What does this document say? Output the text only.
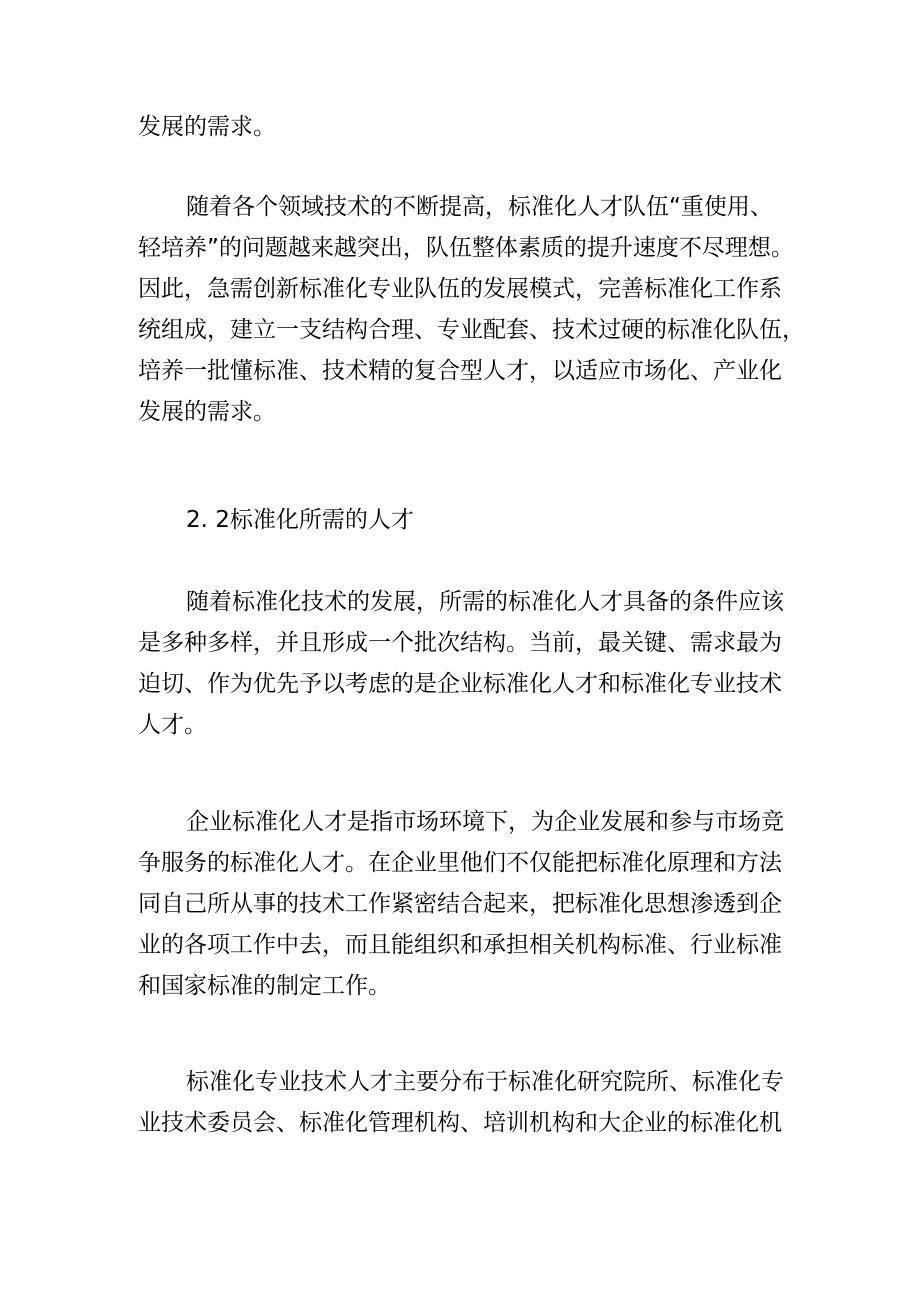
发展的需求。
随着各个领域技术的不断提高，标准化人才队伍“重使用、
轻培养”的问题越来越突出，队伍整体素质的提升速度不尽理想。
因此，急需创新标准化专业队伍的发展模式，完善标准化工作系
统组成，建立一支结构合理、专业配套、技术过硬的标准化队伍，
培养一批懂标准、技术精的复合型人才，以适应市场化、产业化
发展的需求。
2. 2标准化所需的人才
随着标准化技术的发展，所需的标准化人才具备的条件应该
是多种多样，并且形成一个批次结构。当前，最关键、需求最为
迫切、作为优先予以考虑的是企业标准化人才和标准化专业技术
人才。
企业标准化人才是指市场环境下，为企业发展和参与市场竞
争服务的标准化人才。在企业里他们不仅能把标准化原理和方法
同自己所从事的技术工作紧密结合起来，把标准化思想渗透到企
业的各项工作中去，而且能组织和承担相关机构标准、行业标准
和国家标准的制定工作。
标准化专业技术人才主要分布于标准化研究院所、标准化专
业技术委员会、标准化管理机构、培训机构和大企业的标准化机
